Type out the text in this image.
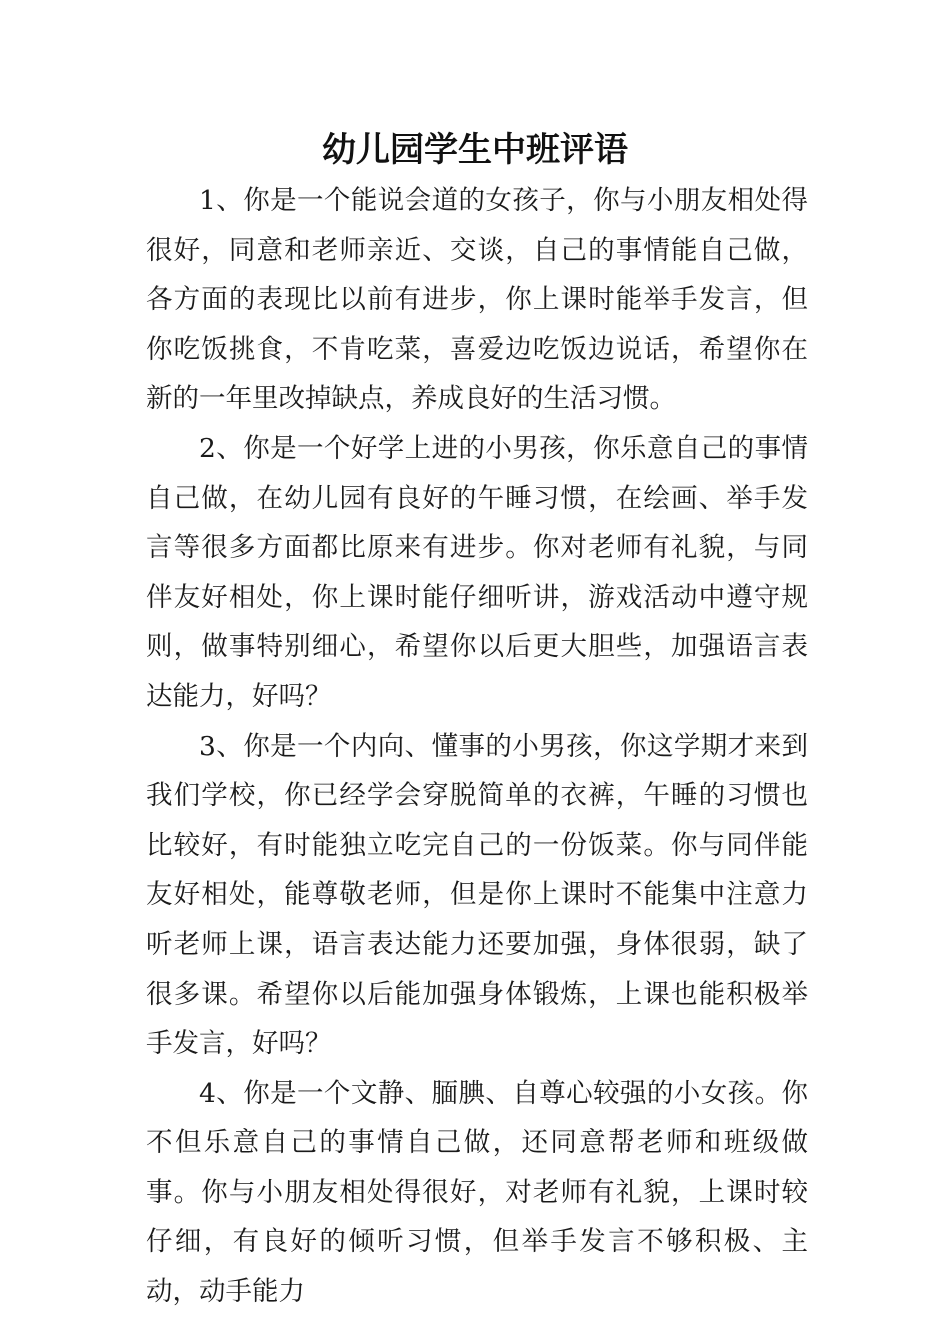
幼儿园学生中班评语

1、你是一个能说会道的女孩子，你与小朋友相处得很好，同意和老师亲近、交谈，自己的事情能自己做，各方面的表现比以前有进步，你上课时能举手发言，但你吃饭挑食，不肯吃菜，喜爱边吃饭边说话，希望你在新的一年里改掉缺点，养成良好的生活习惯。

2、你是一个好学上进的小男孩，你乐意自己的事情自己做，在幼儿园有良好的午睡习惯，在绘画、举手发言等很多方面都比原来有进步。你对老师有礼貌，与同伴友好相处，你上课时能仔细听讲，游戏活动中遵守规则，做事特别细心，希望你以后更大胆些，加强语言表达能力，好吗？

3、你是一个内向、懂事的小男孩，你这学期才来到我们学校，你已经学会穿脱简单的衣裤，午睡的习惯也比较好，有时能独立吃完自己的一份饭菜。你与同伴能友好相处，能尊敬老师，但是你上课时不能集中注意力听老师上课，语言表达能力还要加强，身体很弱，缺了很多课。希望你以后能加强身体锻炼，上课也能积极举手发言，好吗？

4、你是一个文静、腼腆、自尊心较强的小女孩。你不但乐意自己的事情自己做，还同意帮老师和班级做事。你与小朋友相处得很好，对老师有礼貌，上课时较仔细，有良好的倾听习惯，但举手发言不够积极、主动，动手能力
